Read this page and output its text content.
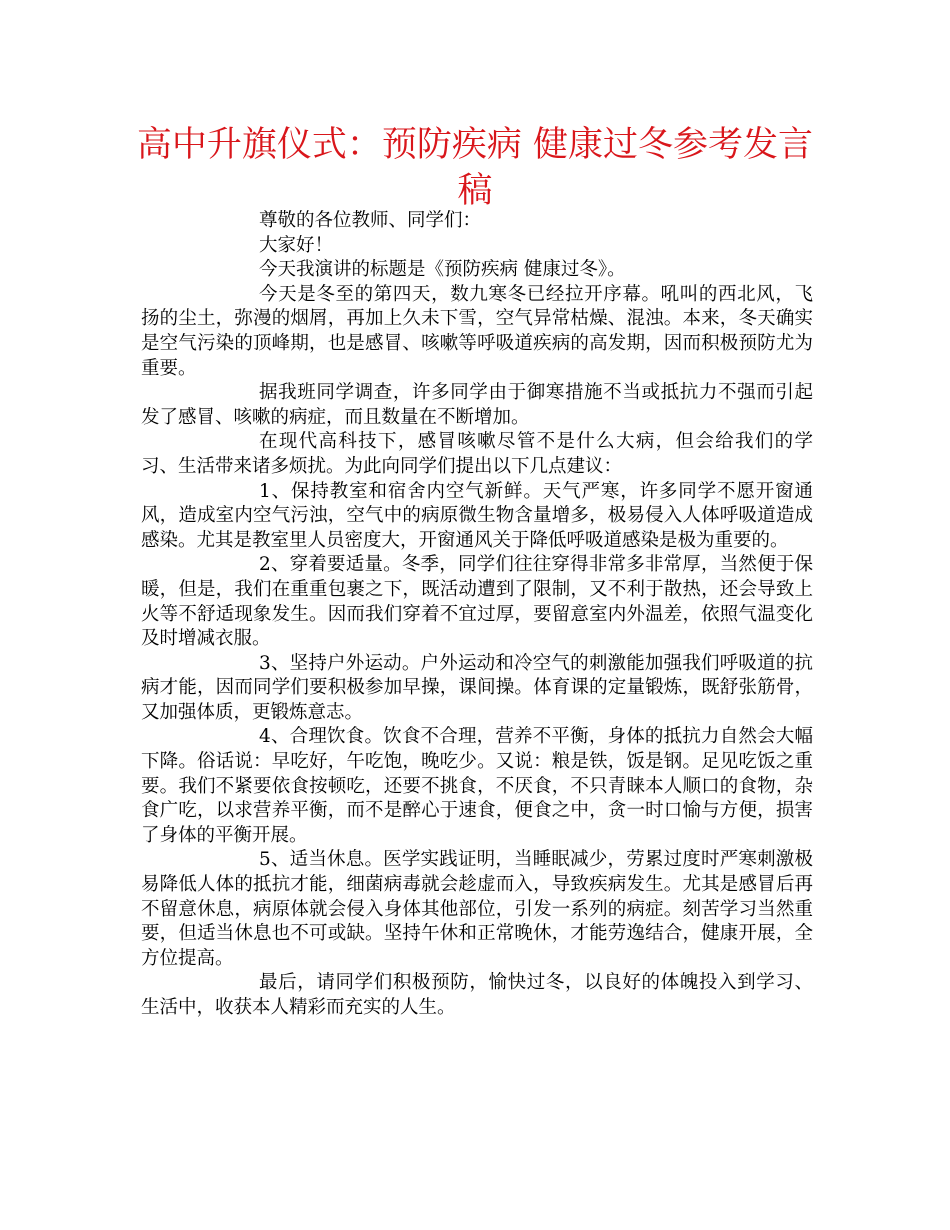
高中升旗仪式：预防疾病 健康过冬参考发言稿

尊敬的各位教师、同学们：

大家好！

今天我演讲的标题是《预防疾病 健康过冬》。

今天是冬至的第四天，数九寒冬已经拉开序幕。吼叫的西北风，飞扬的尘土，弥漫的烟屑，再加上久未下雪，空气异常枯燥、混浊。本来，冬天确实是空气污染的顶峰期，也是感冒、咳嗽等呼吸道疾病的高发期，因而积极预防尤为重要。

据我班同学调查，许多同学由于御寒措施不当或抵抗力不强而引起发了感冒、咳嗽的病症，而且数量在不断增加。

在现代高科技下，感冒咳嗽尽管不是什么大病，但会给我们的学习、生活带来诸多烦扰。为此向同学们提出以下几点建议：

1、保持教室和宿舍内空气新鲜。天气严寒，许多同学不愿开窗通风，造成室内空气污浊，空气中的病原微生物含量增多，极易侵入人体呼吸道造成感染。尤其是教室里人员密度大，开窗通风关于降低呼吸道感染是极为重要的。

2、穿着要适量。冬季，同学们往往穿得非常多非常厚，当然便于保暖，但是，我们在重重包裹之下，既活动遭到了限制，又不利于散热，还会导致上火等不舒适现象发生。因而我们穿着不宜过厚，要留意室内外温差，依照气温变化及时增减衣服。

3、坚持户外运动。户外运动和冷空气的刺激能加强我们呼吸道的抗病才能，因而同学们要积极参加早操，课间操。体育课的定量锻炼，既舒张筋骨，又加强体质，更锻炼意志。

4、合理饮食。饮食不合理，营养不平衡，身体的抵抗力自然会大幅下降。俗话说：早吃好，午吃饱，晚吃少。又说：粮是铁，饭是钢。足见吃饭之重要。我们不紧要依食按顿吃，还要不挑食，不厌食，不只青睐本人顺口的食物，杂食广吃，以求营养平衡，而不是醉心于速食，便食之中，贪一时口愉与方便，损害了身体的平衡开展。

5、适当休息。医学实践证明，当睡眠减少，劳累过度时严寒刺激极易降低人体的抵抗才能，细菌病毒就会趁虚而入，导致疾病发生。尤其是感冒后再不留意休息，病原体就会侵入身体其他部位，引发一系列的病症。刻苦学习当然重要，但适当休息也不可或缺。坚持午休和正常晚休，才能劳逸结合，健康开展，全方位提高。

最后，请同学们积极预防，愉快过冬，以良好的体魄投入到学习、生活中，收获本人精彩而充实的人生。
